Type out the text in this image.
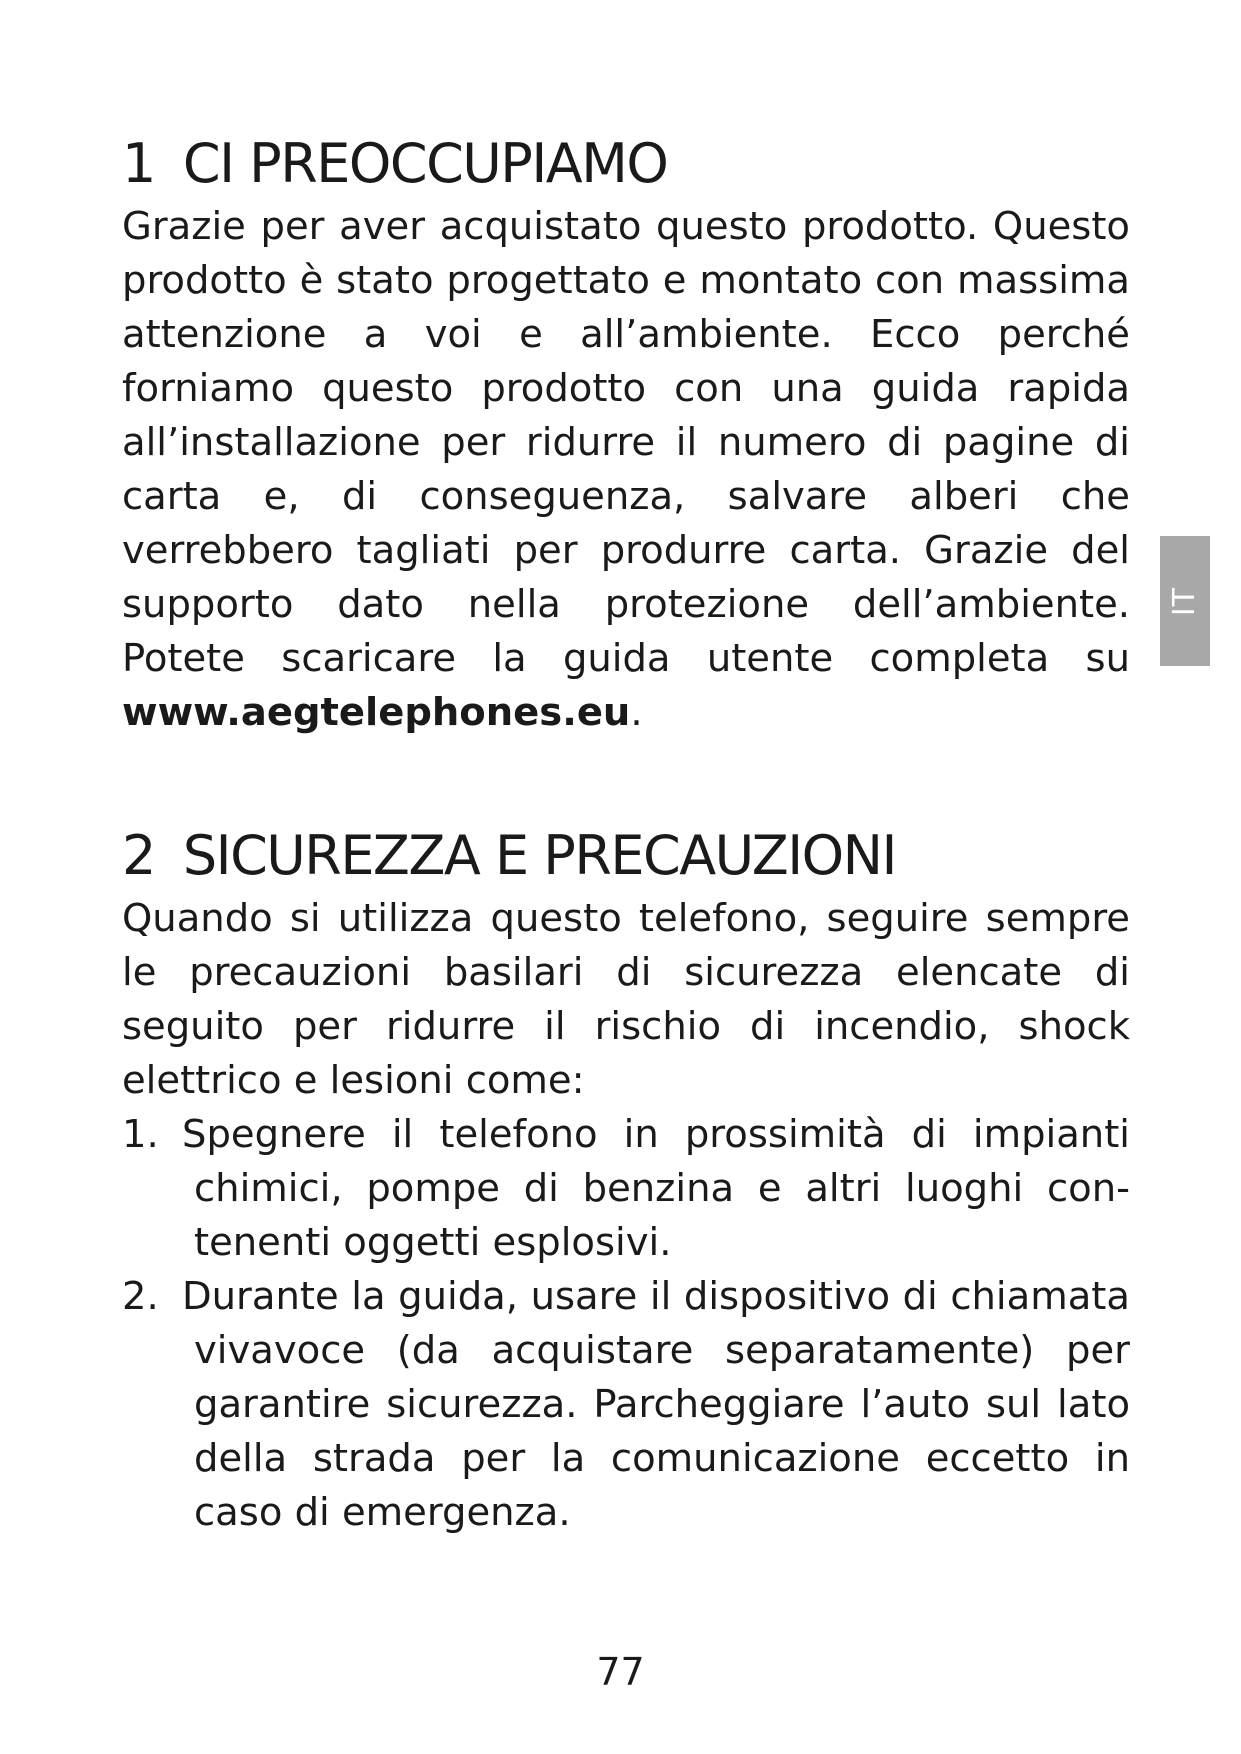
1 CI PREOCCUPIAMO

Grazie per aver acquistato questo prodotto. Questo prodotto è stato progettato e montato con massima attenzione a voi e all’ambiente. Ecco perché forniamo questo prodotto con una guida rapida all’installazione per ridurre il numero di pagine di carta e, di conseguenza, salvare alberi che verrebbero tagliati per produrre carta. Grazie del supporto dato nella protezione dell’ambiente. Potete scaricare la guida utente completa su www.aegtelephones.eu.

2 SICUREZZA E PRECAUZIONI

Quando si utilizza questo telefono, seguire sempre le precauzioni basilari di sicurezza elencate di seguito per ridurre il rischio di incendio, shock elettrico e lesioni come:

1. Spegnere il telefono in prossimità di impianti chimici, pompe di benzina e altri luoghi contenenti oggetti esplosivi.
2. Durante la guida, usare il dispositivo di chiamata vivavoce (da acquistare separatamente) per garantire sicurezza. Parcheggiare l’auto sul lato della strada per la comunicazione eccetto in caso di emergenza.
IT
77
